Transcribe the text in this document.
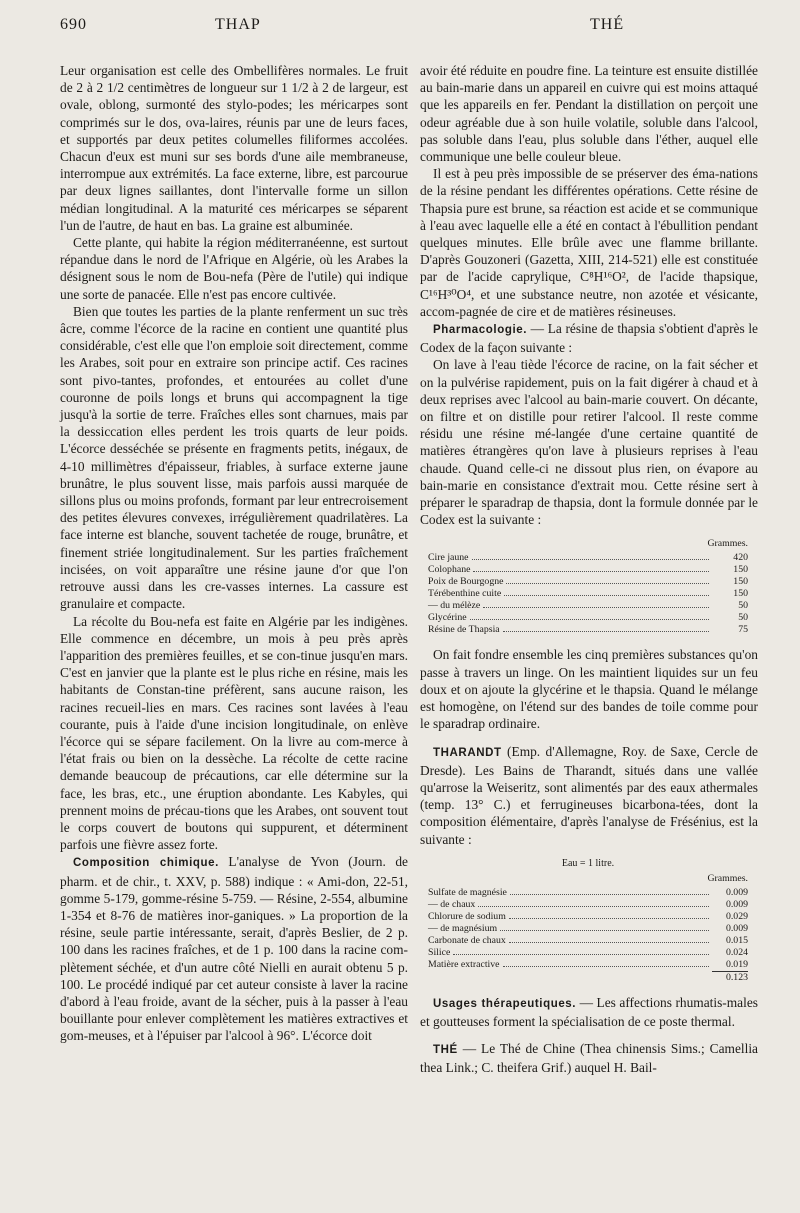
690	THAP	THÉ

Leur organisation est celle des Ombellifères normales. Le fruit de 2 à 2 1/2 centimètres de longueur sur 1 1/2 à 2 de largeur, est ovale, oblong, surmonté des stylo-podes; les méricarpes sont comprimés sur le dos, ova-laires, réunis par une de leurs faces, et supportés par deux petites columelles filiformes accolées. Chacun d'eux est muni sur ses bords d'une aile membraneuse, interrompue aux extrémités. La face externe, libre, est parcourue par deux lignes saillantes, dont l'intervalle forme un sillon médian longitudinal. A la maturité ces méricarpes se séparent l'un de l'autre, de haut en bas. La graine est albuminée.

Cette plante, qui habite la région méditerranéenne, est surtout répandue dans le nord de l'Afrique en Algérie, où les Arabes la désignent sous le nom de Bou-nefa (Père de l'utile) qui indique une sorte de panacée. Elle n'est pas encore cultivée.

Bien que toutes les parties de la plante renferment un suc très âcre, comme l'écorce de la racine en contient une quantité plus considérable, c'est elle que l'on emploie soit directement, comme les Arabes, soit pour en extraire son principe actif. Ces racines sont pivo-tantes, profondes, et entourées au collet d'une couronne de poils longs et bruns qui accompagnent la tige jusqu'à la sortie de terre. Fraîches elles sont charnues, mais par la dessiccation elles perdent les trois quarts de leur poids. L'écorce desséchée se présente en fragments petits, inégaux, de 4-10 millimètres d'épaisseur, friables, à surface externe jaune brunâtre, le plus souvent lisse, mais parfois aussi marquée de sillons plus ou moins profonds, formant par leur entrecroisement des petites élevures convexes, irrégulièrement quadrilatères. La face interne est blanche, souvent tachetée de rouge, brunâtre, et finement striée longitudinalement. Sur les parties fraîchement incisées, on voit apparaître une résine jaune d'or que l'on retrouve aussi dans les cre-vasses internes. La cassure est granulaire et compacte.

La récolte du Bou-nefa est faite en Algérie par les indigènes. Elle commence en décembre, un mois à peu près après l'apparition des premières feuilles, et se con-tinue jusqu'en mars. C'est en janvier que la plante est le plus riche en résine, mais les habitants de Constan-tine préfèrent, sans aucune raison, les racines recueil-lies en mars. Ces racines sont lavées à l'eau courante, puis à l'aide d'une incision longitudinale, on enlève l'écorce qui se sépare facilement. On la livre au com-merce à l'état frais ou bien on la dessèche. La récolte de cette racine demande beaucoup de précautions, car elle détermine sur la face, les bras, etc., une éruption abondante. Les Kabyles, qui prennent moins de précau-tions que les Arabes, ont souvent tout le corps couvert de boutons qui suppurent, et déterminent parfois une fièvre assez forte.

Composition chimique. L'analyse de Yvon (Journ. de pharm. et de chir., t. XXV, p. 588) indique : « Ami-don, 22-51, gomme 5-179, gomme-résine 5-759. — Résine, 2-554, albumine 1-354 et 8-76 de matières inor-ganiques. » La proportion de la résine, seule partie intéressante, serait, d'après Beslier, de 2 p. 100 dans les racines fraîches, et de 1 p. 100 dans la racine com-plètement séchée, et d'un autre côté Nielli en aurait obtenu 5 p. 100. Le procédé indiqué par cet auteur consiste à laver la racine d'abord à l'eau froide, avant de la sécher, puis à la passer à l'eau bouillante pour enlever complètement les matières extractives et gom-meuses, et à l'épuiser par l'alcool à 96°. L'écorce doit

avoir été réduite en poudre fine. La teinture est ensuite distillée au bain-marie dans un appareil en cuivre qui est moins attaqué que les appareils en fer. Pendant la distillation on perçoit une odeur agréable due à son huile volatile, soluble dans l'alcool, pas soluble dans l'eau, plus soluble dans l'éther, auquel elle communique une belle couleur bleue.

Il est à peu près impossible de se préserver des éma-nations de la résine pendant les différentes opérations. Cette résine de Thapsia pure est brune, sa réaction est acide et se communique à l'eau avec laquelle elle a été en contact à l'ébullition pendant quelques minutes. Elle brûle avec une flamme brillante. D'après Gouzoneri (Gazetta, XIII, 214-521) elle est constituée par de l'acide caprylique, C⁸H¹⁶O², de l'acide thapsique, C¹⁶H³⁰O⁴, et une substance neutre, non azotée et vésicante, accom-pagnée de cire et de matières résineuses.

Pharmacologie. — La résine de thapsia s'obtient d'après le Codex de la façon suivante :

On lave à l'eau tiède l'écorce de racine, on la fait sécher et on la pulvérise rapidement, puis on la fait digérer à chaud et à deux reprises avec l'alcool au bain-marie couvert. On décante, on filtre et on distille pour retirer l'alcool. Il reste comme résidu une résine mé-langée d'une certaine quantité de matières étrangères qu'on lave à plusieurs reprises à l'eau chaude. Quand celle-ci ne dissout plus rien, on évapore au bain-marie en consistance d'extrait mou. Cette résine sert à préparer le sparadrap de thapsia, dont la formule donnée par le Codex est la suivante :

Grammes.
Cire jaune	420
Colophane	150
Poix de Bourgogne	150
Térébenthine cuite	150
— du mélèze	50
Glycérine	50
Résine de Thapsia	75

On fait fondre ensemble les cinq premières substances qu'on passe à travers un linge. On les maintient liquides sur un feu doux et on ajoute la glycérine et le thapsia. Quand le mélange est homogène, on l'étend sur des bandes de toile comme pour le sparadrap ordinaire.

THARANDT (Emp. d'Allemagne, Roy. de Saxe, Cercle de Dresde). Les Bains de Tharandt, situés dans une vallée qu'arrose la Weiseritz, sont alimentés par des eaux athermales (temp. 13° C.) et ferrugineuses bicarbona-tées, dont la composition élémentaire, d'après l'analyse de Frésénius, est la suivante :

Eau = 1 litre.
Grammes.
Sulfate de magnésie	0.009
— de chaux	0.009
Chlorure de sodium	0.029
— de magnésium	0.009
Carbonate de chaux	0.015
Silice	0.024
Matière extractive	0.019
0.123

Usages thérapeutiques. — Les affections rhumatis-males et goutteuses forment la spécialisation de ce poste thermal.

THÉ — Le Thé de Chine (Thea chinensis Sims.; Camellia thea Link.; C. theifera Grif.) auquel H. Bail-
